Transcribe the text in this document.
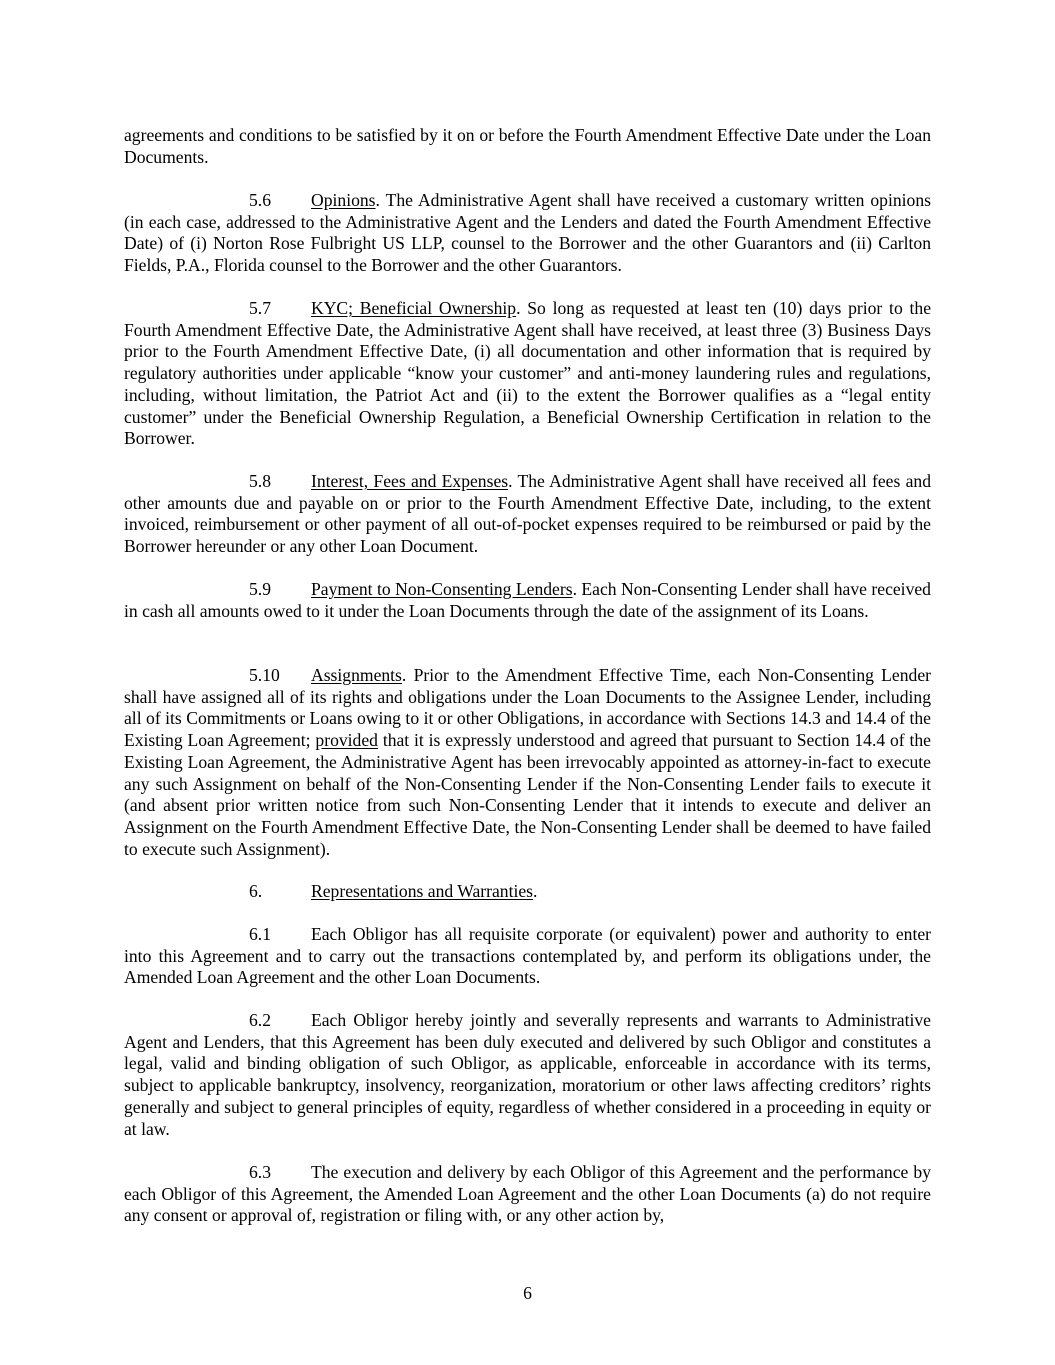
agreements and conditions to be satisfied by it on or before the Fourth Amendment Effective Date under the Loan Documents.

5.6 Opinions. The Administrative Agent shall have received a customary written opinions (in each case, addressed to the Administrative Agent and the Lenders and dated the Fourth Amendment Effective Date) of (i) Norton Rose Fulbright US LLP, counsel to the Borrower and the other Guarantors and (ii) Carlton Fields, P.A., Florida counsel to the Borrower and the other Guarantors.

5.7 KYC; Beneficial Ownership. So long as requested at least ten (10) days prior to the Fourth Amendment Effective Date, the Administrative Agent shall have received, at least three (3) Business Days prior to the Fourth Amendment Effective Date, (i) all documentation and other information that is required by regulatory authorities under applicable “know your customer” and anti-money laundering rules and regulations, including, without limitation, the Patriot Act and (ii) to the extent the Borrower qualifies as a “legal entity customer” under the Beneficial Ownership Regulation, a Beneficial Ownership Certification in relation to the Borrower.

5.8 Interest, Fees and Expenses. The Administrative Agent shall have received all fees and other amounts due and payable on or prior to the Fourth Amendment Effective Date, including, to the extent invoiced, reimbursement or other payment of all out-of-pocket expenses required to be reimbursed or paid by the Borrower hereunder or any other Loan Document.

5.9 Payment to Non-Consenting Lenders. Each Non-Consenting Lender shall have received in cash all amounts owed to it under the Loan Documents through the date of the assignment of its Loans.

5.10 Assignments. Prior to the Amendment Effective Time, each Non-Consenting Lender shall have assigned all of its rights and obligations under the Loan Documents to the Assignee Lender, including all of its Commitments or Loans owing to it or other Obligations, in accordance with Sections 14.3 and 14.4 of the Existing Loan Agreement; provided that it is expressly understood and agreed that pursuant to Section 14.4 of the Existing Loan Agreement, the Administrative Agent has been irrevocably appointed as attorney-in-fact to execute any such Assignment on behalf of the Non-Consenting Lender if the Non-Consenting Lender fails to execute it (and absent prior written notice from such Non-Consenting Lender that it intends to execute and deliver an Assignment on the Fourth Amendment Effective Date, the Non-Consenting Lender shall be deemed to have failed to execute such Assignment).

6.	Representations and Warranties.

6.1 Each Obligor has all requisite corporate (or equivalent) power and authority to enter into this Agreement and to carry out the transactions contemplated by, and perform its obligations under, the Amended Loan Agreement and the other Loan Documents.

6.2 Each Obligor hereby jointly and severally represents and warrants to Administrative Agent and Lenders, that this Agreement has been duly executed and delivered by such Obligor and constitutes a legal, valid and binding obligation of such Obligor, as applicable, enforceable in accordance with its terms, subject to applicable bankruptcy, insolvency, reorganization, moratorium or other laws affecting creditors’ rights generally and subject to general principles of equity, regardless of whether considered in a proceeding in equity or at law.

6.3 The execution and delivery by each Obligor of this Agreement and the performance by each Obligor of this Agreement, the Amended Loan Agreement and the other Loan Documents (a) do not require any consent or approval of, registration or filing with, or any other action by,

6
